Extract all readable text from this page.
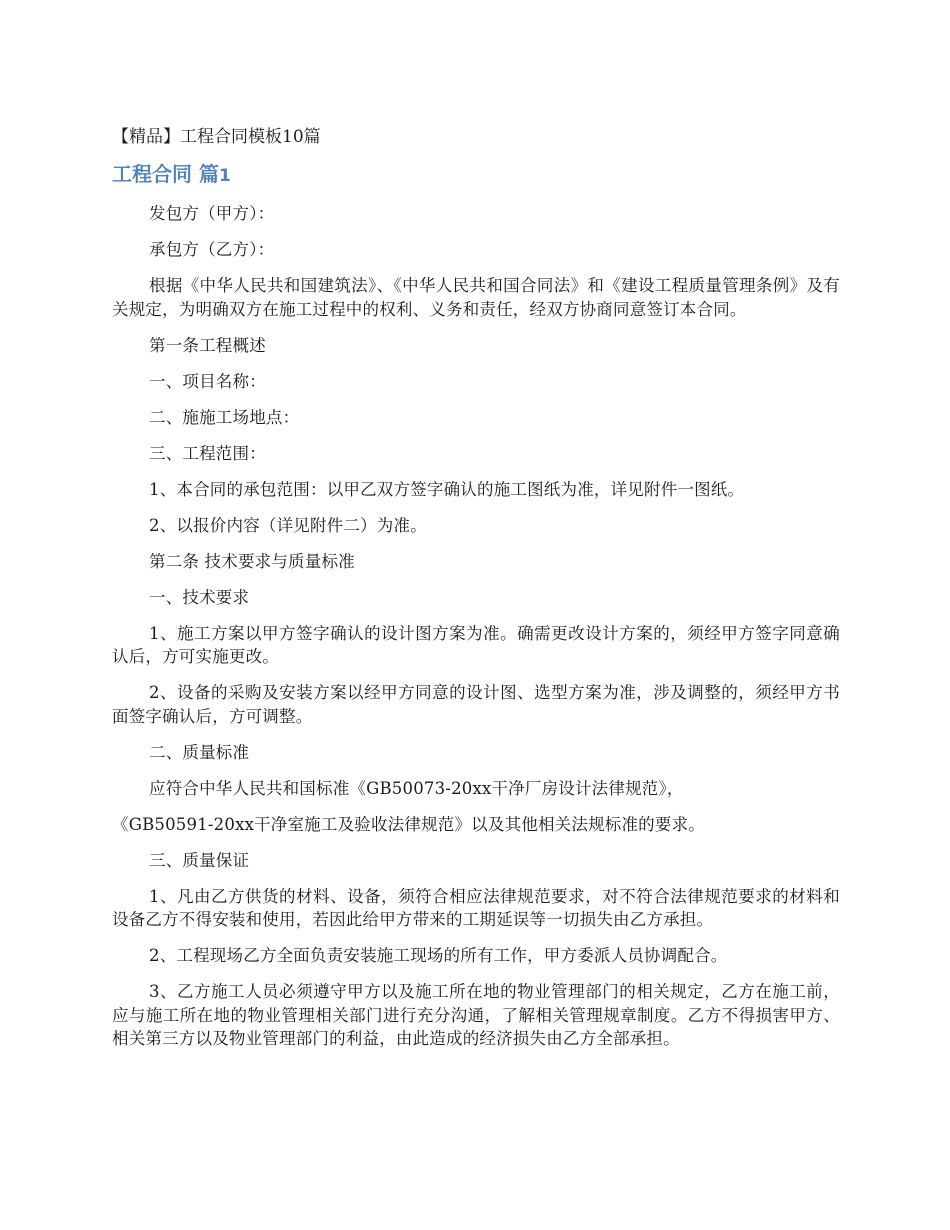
【精品】工程合同模板10篇
工程合同 篇1

发包方（甲方）：

承包方（乙方）：

根据《中华人民共和国建筑法》、《中华人民共和国合同法》和《建设工程质量管理条例》及有关规定，为明确双方在施工过程中的权利、义务和责任，经双方协商同意签订本合同。

第一条工程概述

一、项目名称：

二、施施工场地点：

三、工程范围：

1、本合同的承包范围：以甲乙双方签字确认的施工图纸为准，详见附件一图纸。

2、以报价内容（详见附件二）为准。

第二条 技术要求与质量标准

一、技术要求

1、施工方案以甲方签字确认的设计图方案为准。确需更改设计方案的，须经甲方签字同意确认后，方可实施更改。

2、设备的采购及安装方案以经甲方同意的设计图、选型方案为准，涉及调整的，须经甲方书面签字确认后，方可调整。

二、质量标准

应符合中华人民共和国标准《GB50073-20xx干净厂房设计法律规范》，

《GB50591-20xx干净室施工及验收法律规范》以及其他相关法规标准的要求。

三、质量保证

1、凡由乙方供货的材料、设备，须符合相应法律规范要求，对不符合法律规范要求的材料和设备乙方不得安装和使用，若因此给甲方带来的工期延误等一切损失由乙方承担。

2、工程现场乙方全面负责安装施工现场的所有工作，甲方委派人员协调配合。

3、乙方施工人员必须遵守甲方以及施工所在地的物业管理部门的相关规定，乙方在施工前，应与施工所在地的物业管理相关部门进行充分沟通，了解相关管理规章制度。乙方不得损害甲方、相关第三方以及物业管理部门的利益，由此造成的经济损失由乙方全部承担。
